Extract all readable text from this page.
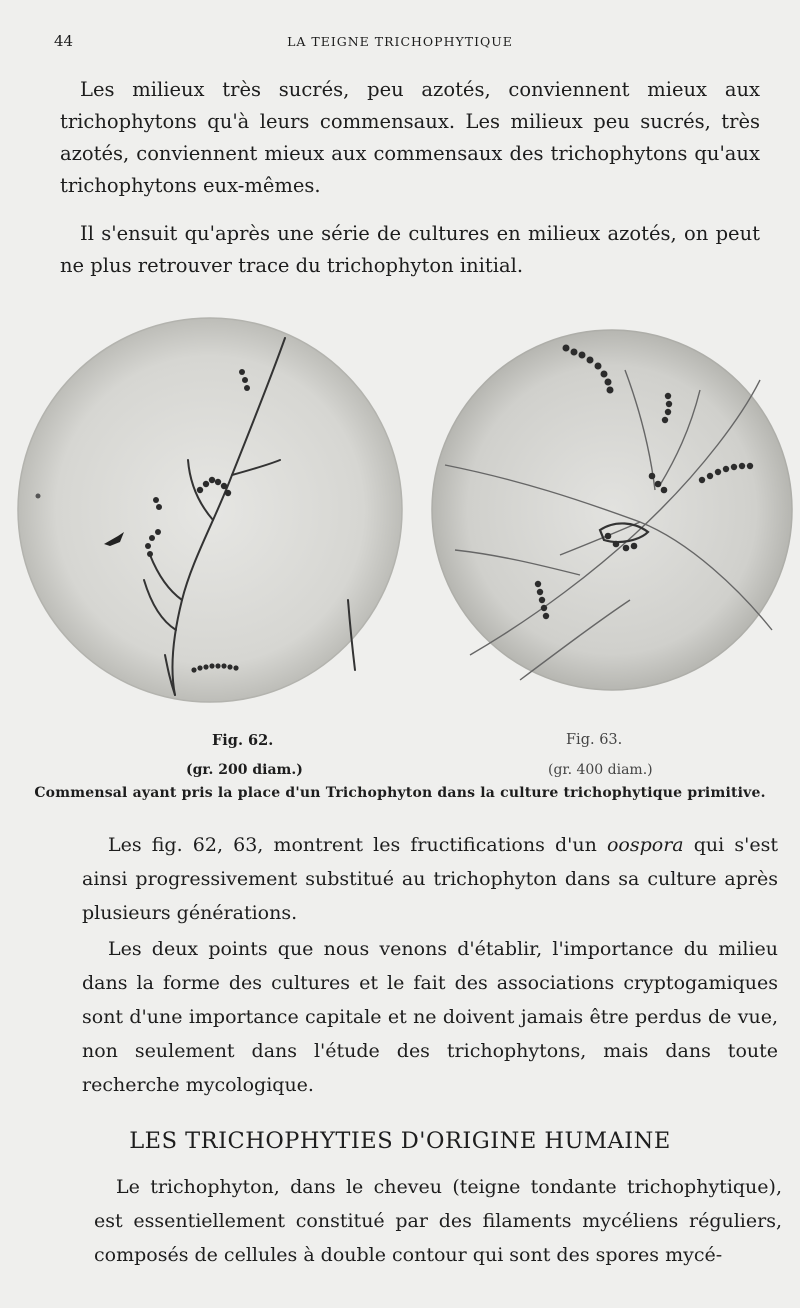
44	LA TEIGNE TRICHOPHYTIQUE

Les milieux très sucrés, peu azotés, conviennent mieux aux trichophytons qu'à leurs commensaux. Les milieux peu sucrés, très azotés, conviennent mieux aux commensaux des trichophytons qu'aux trichophytons eux-mêmes.

Il s'ensuit qu'après une série de cultures en milieux azotés, on peut ne plus retrouver trace du trichophyton initial.

Fig. 62.	Fig. 63.
(gr. 200 diam.)	(gr. 400 diam.)
Commensal ayant pris la place d'un Trichophyton dans la culture trichophytique primitive.

Les fig. 62, 63, montrent les fructifications d'un oospora qui s'est ainsi progressivement substitué au trichophyton dans sa culture après plusieurs générations.

Les deux points que nous venons d'établir, l'importance du milieu dans la forme des cultures et le fait des associations cryptogamiques sont d'une importance capitale et ne doivent jamais être perdus de vue, non seulement dans l'étude des trichophytons, mais dans toute recherche mycologique.

LES TRICHOPHYTIES D'ORIGINE HUMAINE

Le trichophyton, dans le cheveu (teigne tondante trichophytique), est essentiellement constitué par des filaments mycéliens réguliers, composés de cellules à double contour qui sont des spores mycé-
